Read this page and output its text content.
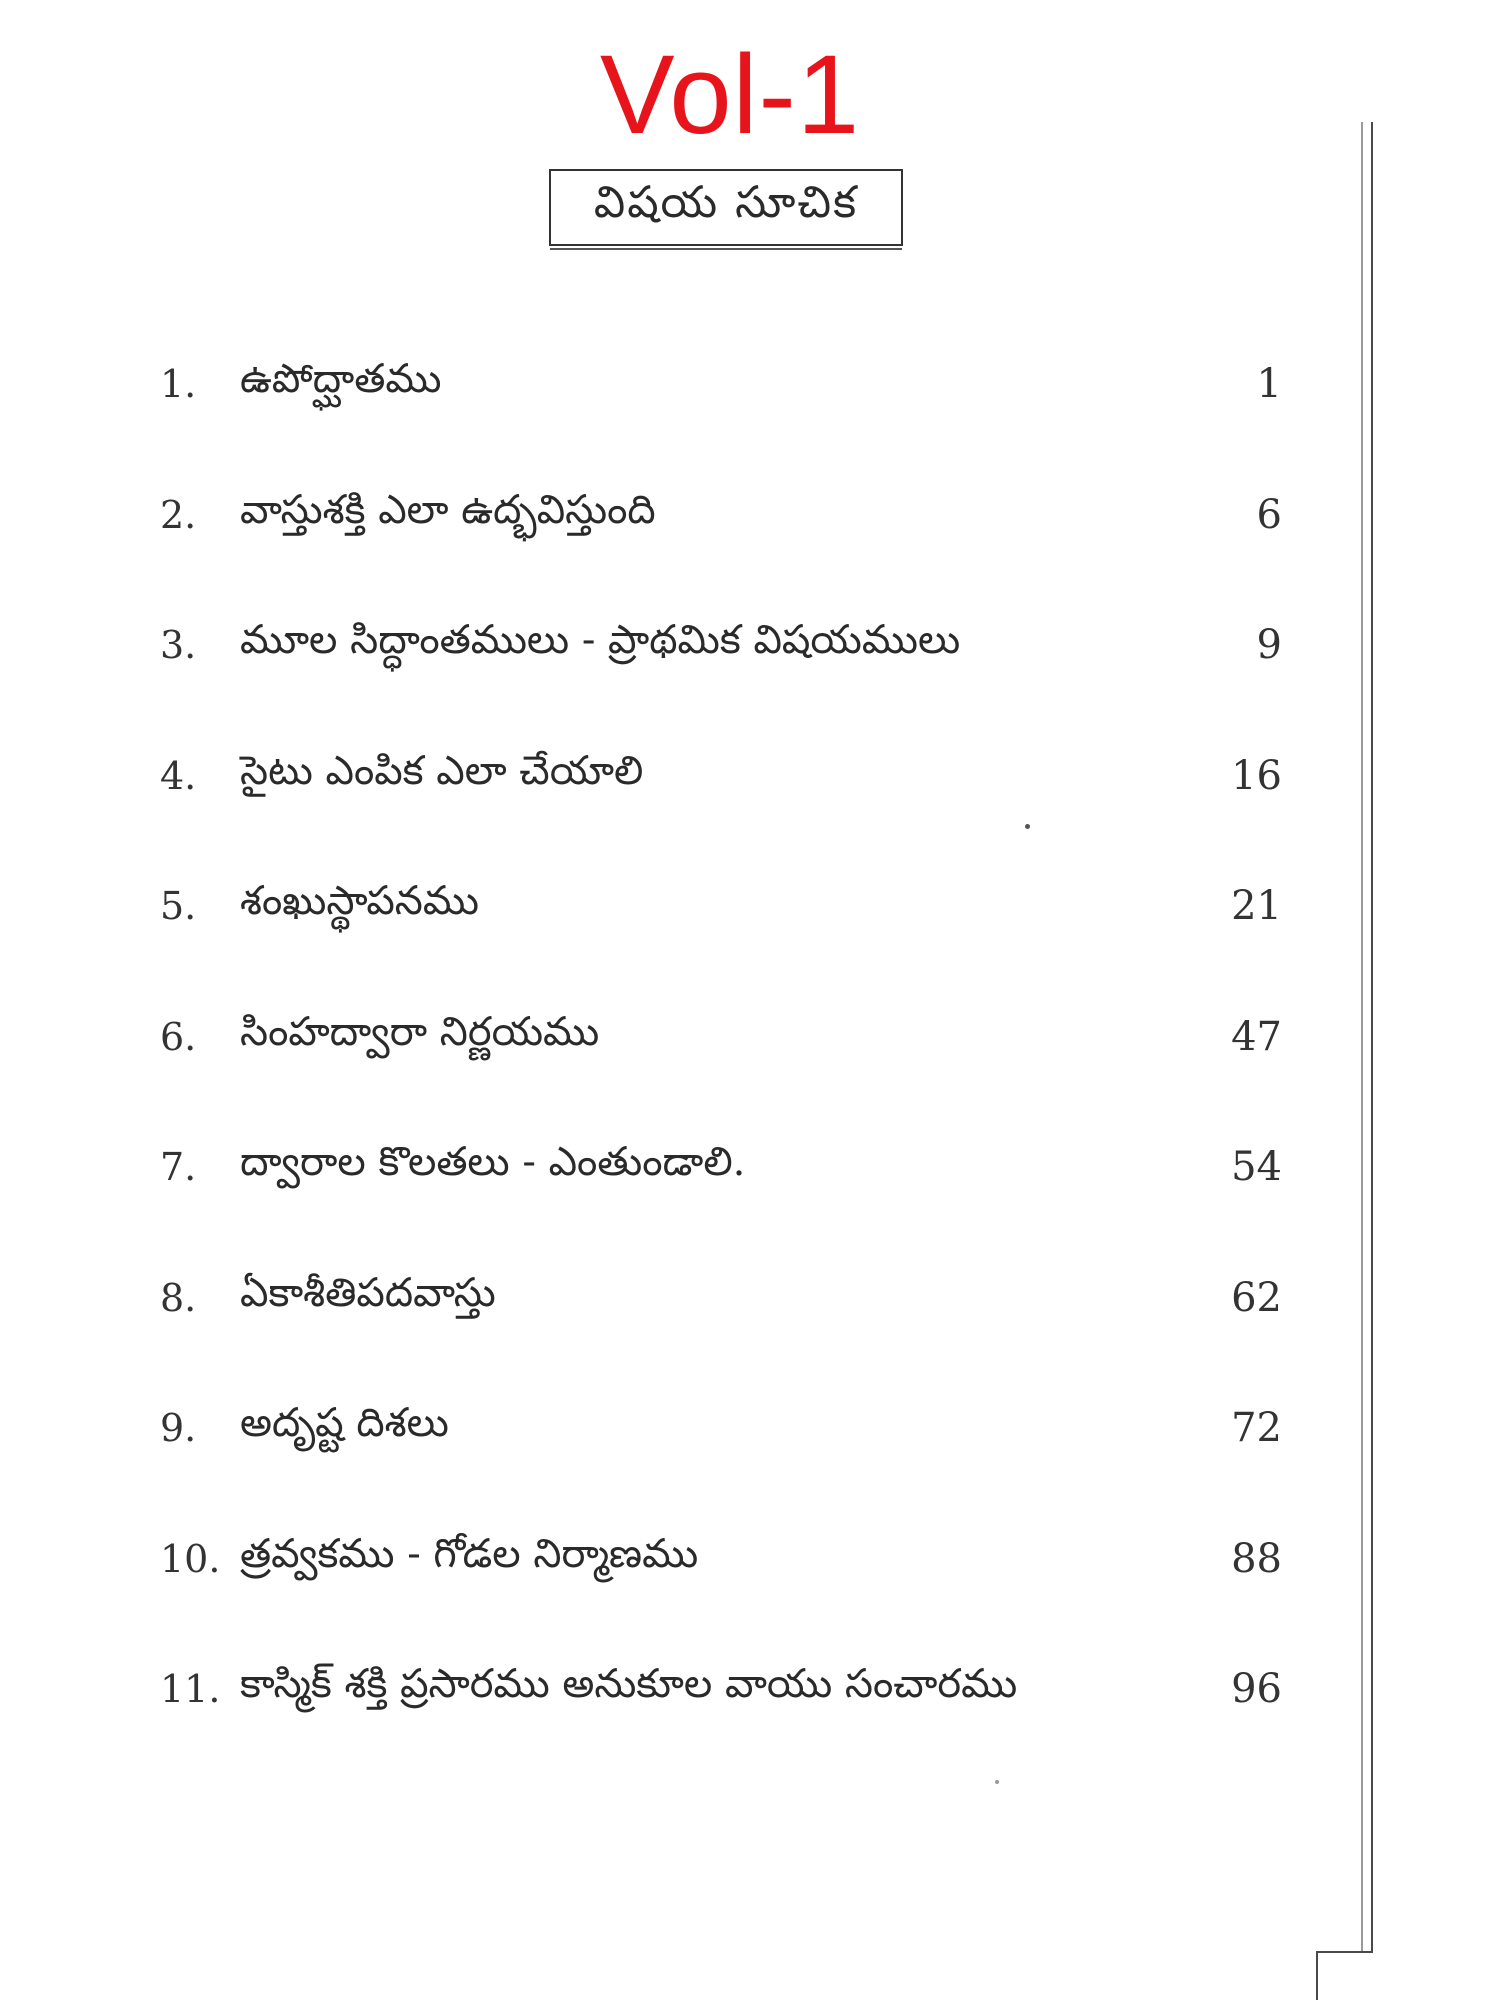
Vol-1
విషయ సూచిక
1. ఉపోద్ఘాతము	1
2. వాస్తుశక్తి ఎలా ఉద్భవిస్తుంది	6
3. మూల సిద్ధాంతములు - ప్రాథమిక విషయములు	9
4. సైటు ఎంపిక ఎలా చేయాలి	16
5. శంఖుస్థాపనము	21
6. సింహద్వారా నిర్ణయము	47
7. ద్వారాల కొలతలు - ఎంతుండాలి.	54
8. ఏకాశీతిపదవాస్తు	62
9. అదృష్ట దిశలు	72
10. త్రవ్వకము - గోడల నిర్మాణము	88
11. కాస్మిక్ శక్తి ప్రసారము అనుకూల వాయు సంచారము	96
